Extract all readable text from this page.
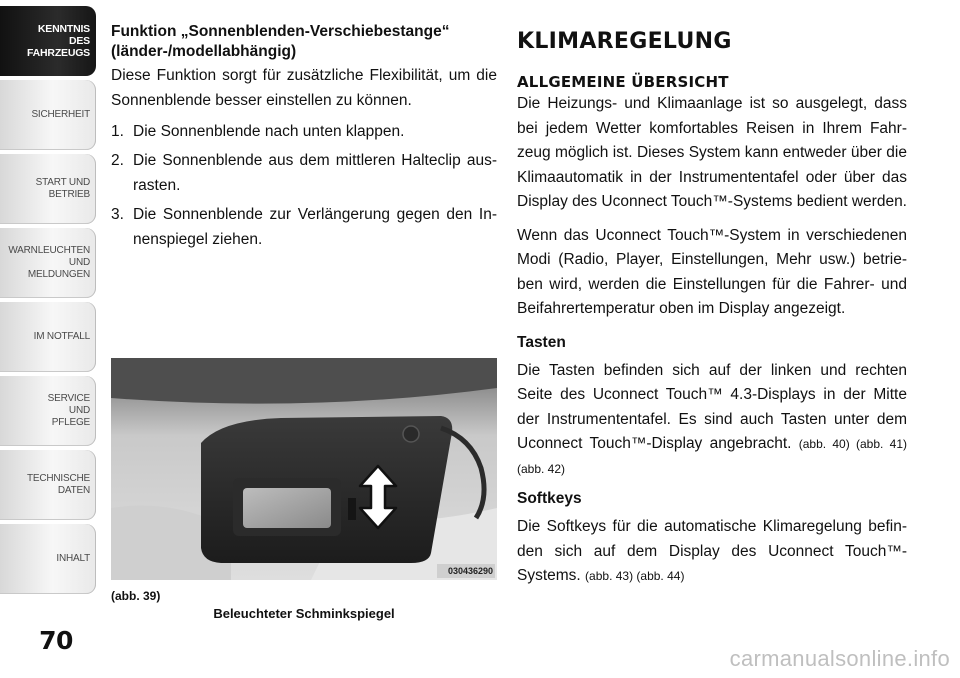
KENNTNIS
DES
FAHRZEUGS
SICHERHEIT
START UND
BETRIEB
WARNLEUCHTEN
UND
MELDUNGEN
IM NOTFALL
SERVICE
UND
PFLEGE
TECHNISCHE
DATEN
INHALT
70

Funktion „Sonnenblenden-Verschiebestange“ (länder-/modellabhängig)

Diese Funktion sorgt für zusätzliche Flexibilität, um die Sonnenblende besser einstellen zu können.

1. Die Sonnenblende nach unten klappen.
2. Die Sonnenblende aus dem mittleren Halteclip aus-rasten.
3. Die Sonnenblende zur Verlängerung gegen den In-nenspiegel ziehen.
030436290
(abb. 39)
Beleuchteter Schminkspiegel
KLIMAREGELUNG
ALLGEMEINE ÜBERSICHT

Die Heizungs- und Klimaanlage ist so ausgelegt, dass bei jedem Wetter komfortables Reisen in Ihrem Fahr-zeug möglich ist. Dieses System kann entweder über die Klimaautomatik in der Instrumententafel oder über das Display des Uconnect Touch™-Systems bedient werden.

Wenn das Uconnect Touch™-System in verschiedenen Modi (Radio, Player, Einstellungen, Mehr usw.) betrie-ben wird, werden die Einstellungen für die Fahrer- und Beifahrertemperatur oben im Display angezeigt.

Tasten

Die Tasten befinden sich auf der linken und rechten Seite des Uconnect Touch™ 4.3-Displays in der Mitte der Instrumententafel. Es sind auch Tasten unter dem Uconnect Touch™-Display angebracht. (abb. 40) (abb. 41) (abb. 42)

Softkeys

Die Softkeys für die automatische Klimaregelung befin-den sich auf dem Display des Uconnect Touch™-Systems. (abb. 43) (abb. 44)

carmanualsonline.info
